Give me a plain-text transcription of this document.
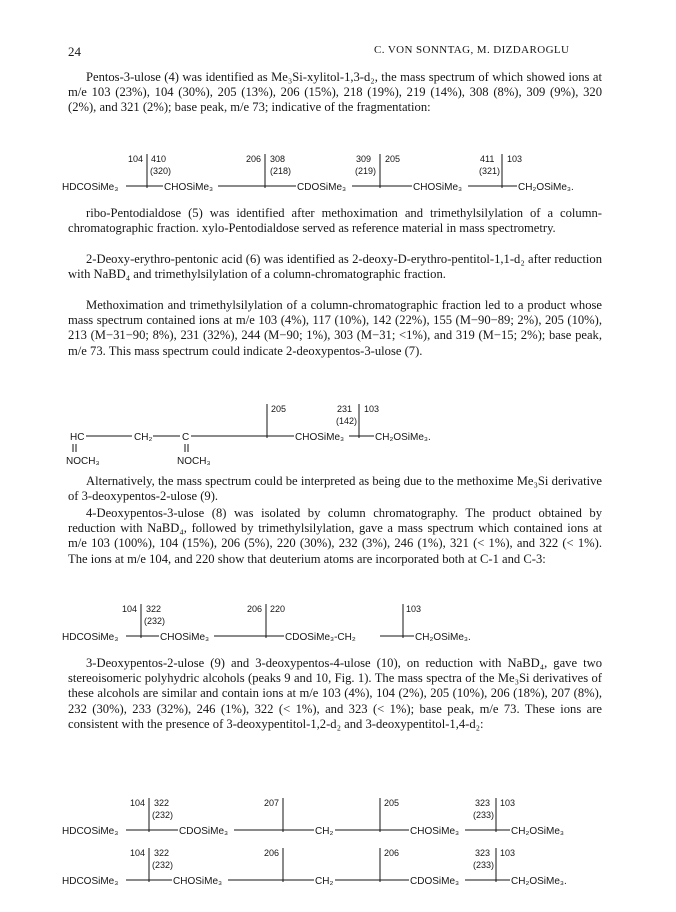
24	C. VON SONNTAG, M. DIZDAROGLU

Pentos-3-ulose (4) was identified as Me₃Si-xylitol-1,3-d₂, the mass spectrum of which showed ions at m/e 103 (23%), 104 (30%), 205 (13%), 206 (15%), 218 (19%), 219 (14%), 308 (8%), 309 (9%), 320 (2%), and 321 (2%); base peak, m/e 73; indicative of the fragmentation:

104 410
(320)
206 308
(218)
309
(219)
205	411
(321)
103
HDCOSiMe₃	CHOSiMe₃	CDOSiMe₃	CHOSiMe₃	CH₂OSiMe₃.

ribo-Pentodialdose (5) was identified after methoximation and trimethylsilylation of a column-chromatographic fraction. xylo-Pentodialdose served as reference material in mass spectrometry.

2-Deoxy-erythro-pentonic acid (6) was identified as 2-deoxy-D-erythro-pentitol-1,1-d₂ after reduction with NaBD₄ and trimethylsilylation of a column-chromatographic fraction.

Methoximation and trimethylsilylation of a column-chromatographic fraction led to a product whose mass spectrum contained ions at m/e 103 (4%), 117 (10%), 142 (22%), 155 (M−90−89; 2%), 205 (10%), 213 (M−31−90; 8%), 231 (32%), 244 (M−90; 1%), 303 (M−31; <1%), and 319 (M−15; 2%); base peak, m/e 73. This mass spectrum could indicate 2-deoxypentos-3-ulose (7).

205	231
(142)
103
HC	CH₂	C	CHOSiMe₃	CH₂OSiMe₃.
NOCH₃	NOCH₃

Alternatively, the mass spectrum could be interpreted as being due to the methoxime Me₃Si derivative of 3-deoxypentos-2-ulose (9).

4-Deoxypentos-3-ulose (8) was isolated by column chromatography. The product obtained by reduction with NaBD₄, followed by trimethylsilylation, gave a mass spectrum which contained ions at m/e 103 (100%), 104 (15%), 206 (5%), 220 (30%), 232 (3%), 246 (1%), 321 (< 1%), and 322 (< 1%). The ions at m/e 104, and 220 show that deuterium atoms are incorporated both at C-1 and C-3:

104 322
(232)
206 220	103
HDCOSiMe₃	CHOSiMe₃	CDOSiMe₃-CH₂	CH₂OSiMe₃.

3-Deoxypentos-2-ulose (9) and 3-deoxypentos-4-ulose (10), on reduction with NaBD₄, gave two stereoisomeric polyhydric alcohols (peaks 9 and 10, Fig. 1). The mass spectra of the Me₃Si derivatives of these alcohols are similar and contain ions at m/e 103 (4%), 104 (2%), 205 (10%), 206 (18%), 207 (8%), 232 (30%), 233 (32%), 246 (1%), 322 (< 1%), and 323 (< 1%); base peak, m/e 73. These ions are consistent with the presence of 3-deoxypentitol-1,2-d₂ and 3-deoxypentitol-1,4-d₂:

104 322
(232)
207	205	323
(233)
103
HDCOSiMe₃	CDOSiMe₃	CH₂	CHOSiMe₃	CH₂OSiMe₃
104 322
(232)
206	206	323
(233)
103
HDCOSiMe₃	CHOSiMe₃	CH₂	CDOSiMe₃	CH₂OSiMe₃.
